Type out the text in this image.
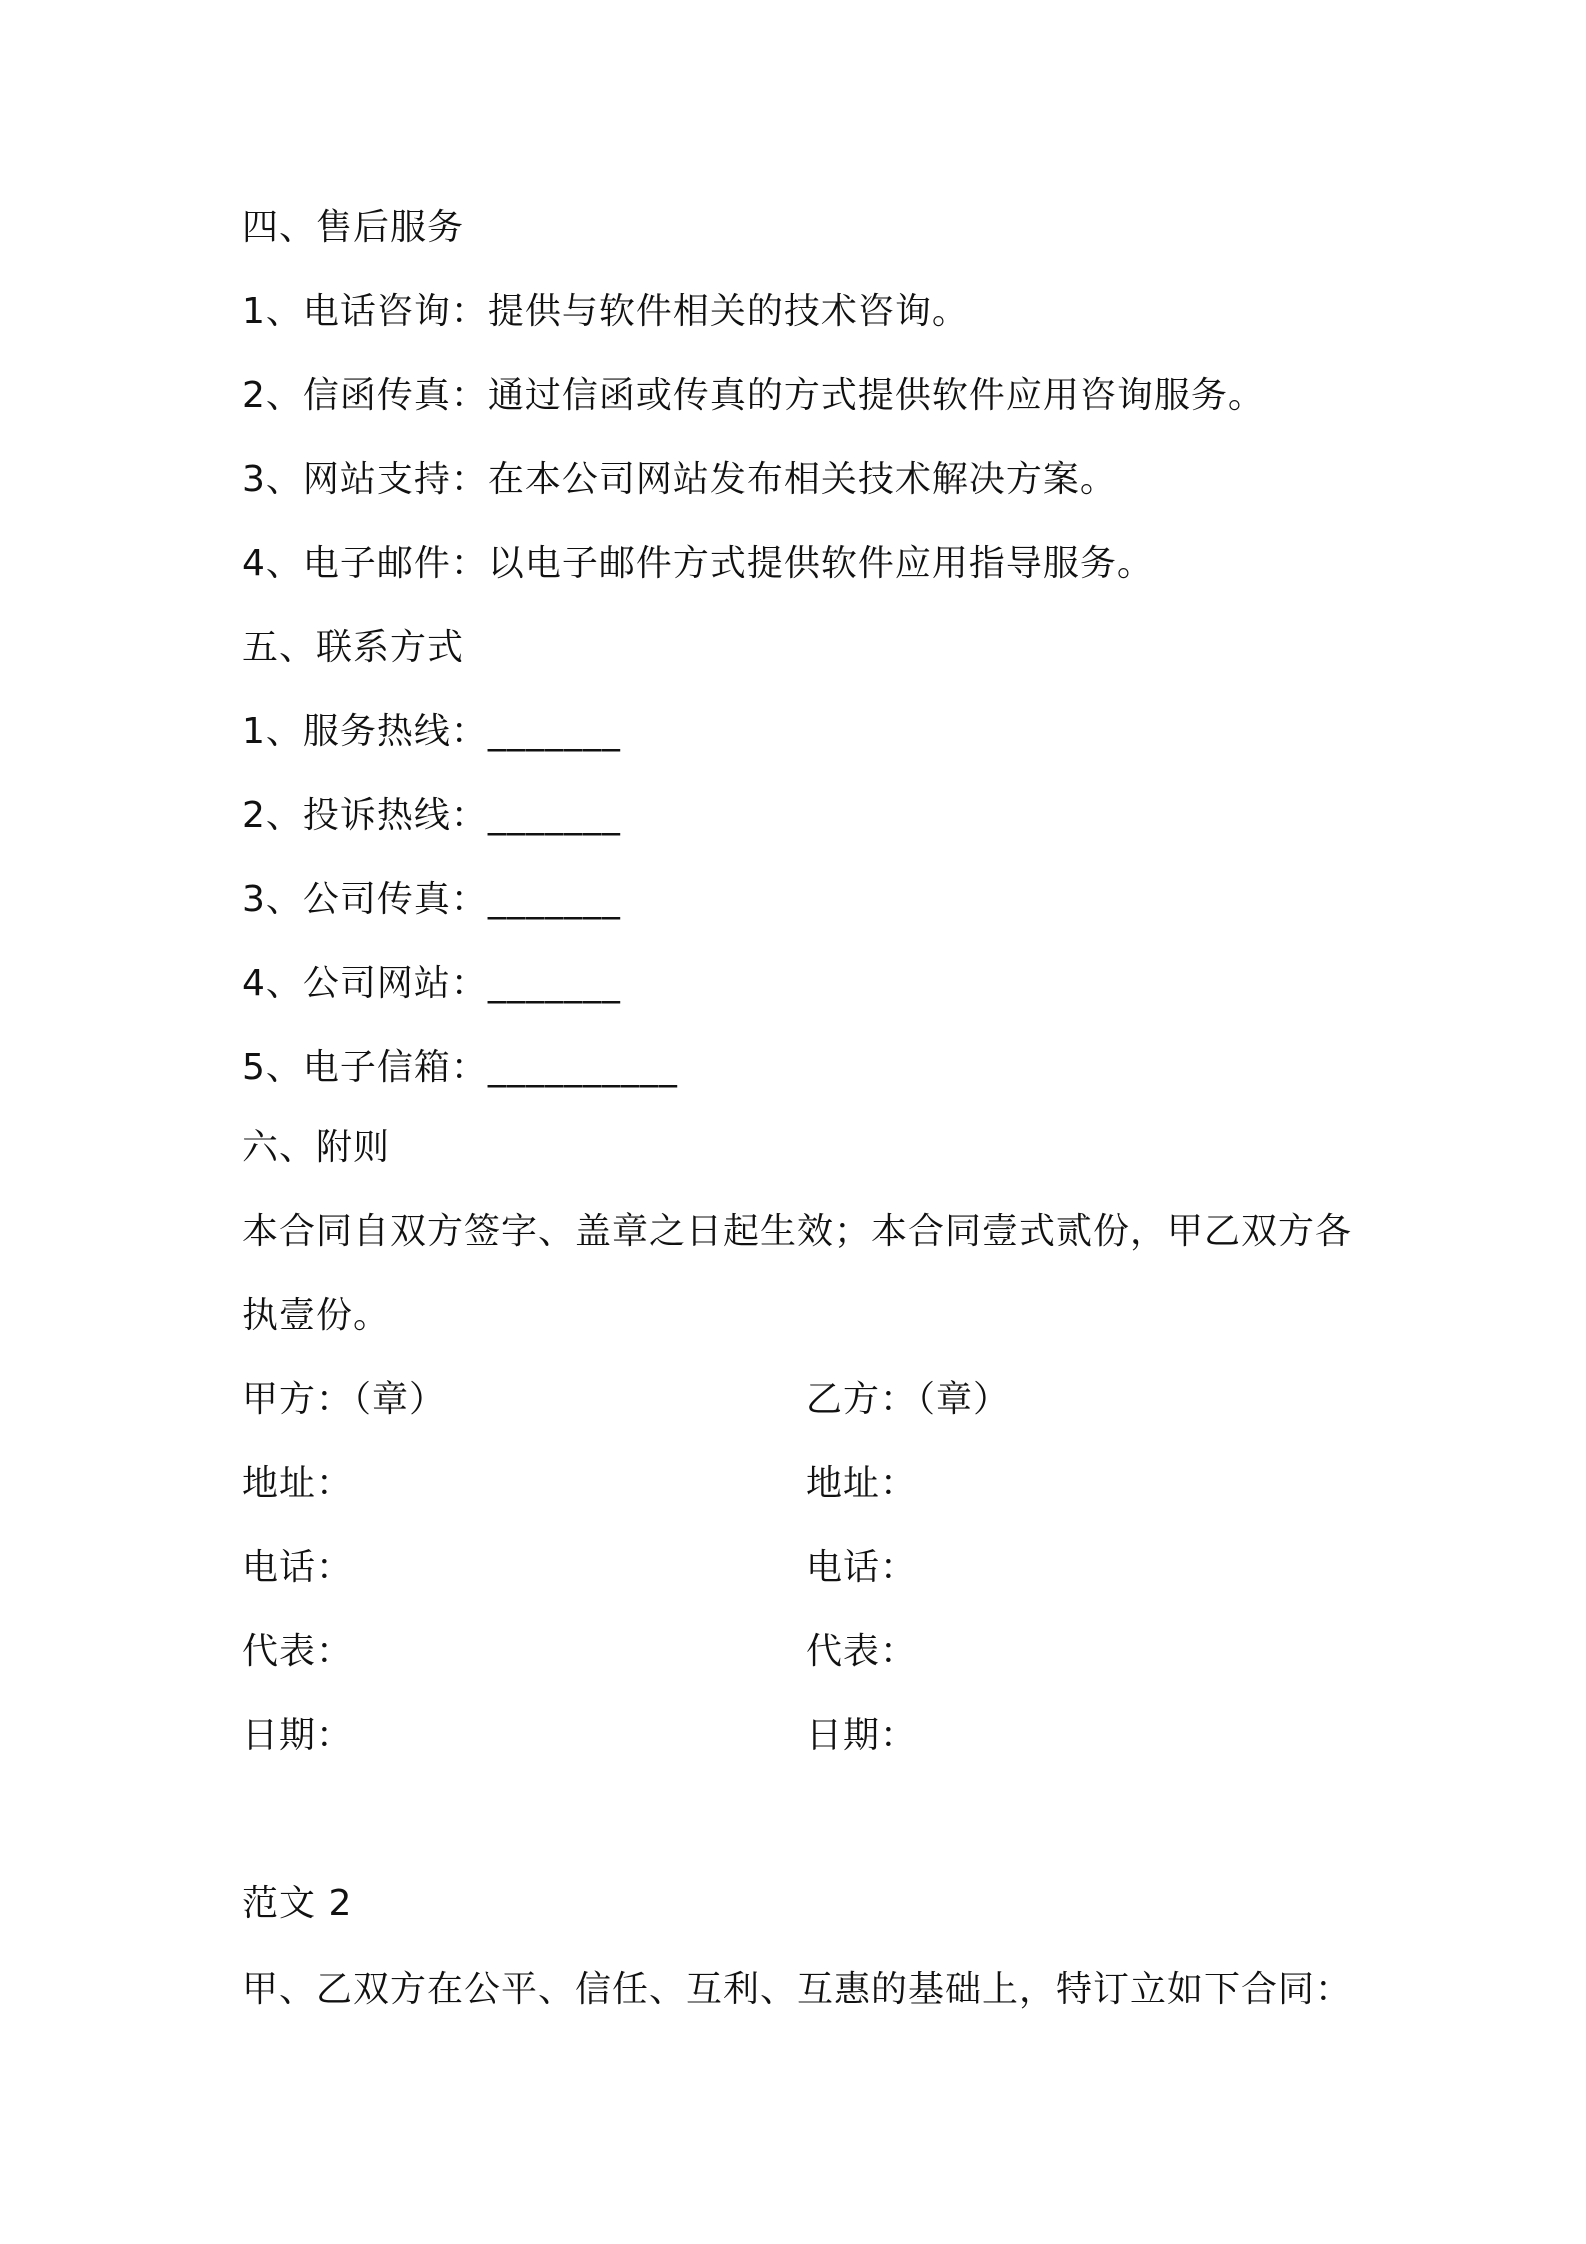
四、售后服务
1、电话咨询：提供与软件相关的技术咨询。
2、信函传真：通过信函或传真的方式提供软件应用咨询服务。
3、网站支持：在本公司网站发布相关技术解决方案。
4、电子邮件：以电子邮件方式提供软件应用指导服务。
五、联系方式
1、服务热线：_______
2、投诉热线：_______
3、公司传真：_______
4、公司网站：_______
5、电子信箱：__________
六、附则
本合同自双方签字、盖章之日起生效；本合同壹式贰份，甲乙双方各
执壹份。
甲方：（章）	乙方：（章）
地址：	地址：
电话：	电话：
代表：	代表：
日期：	日期：
范文 2
甲、乙双方在公平、信任、互利、互惠的基础上，特订立如下合同：
